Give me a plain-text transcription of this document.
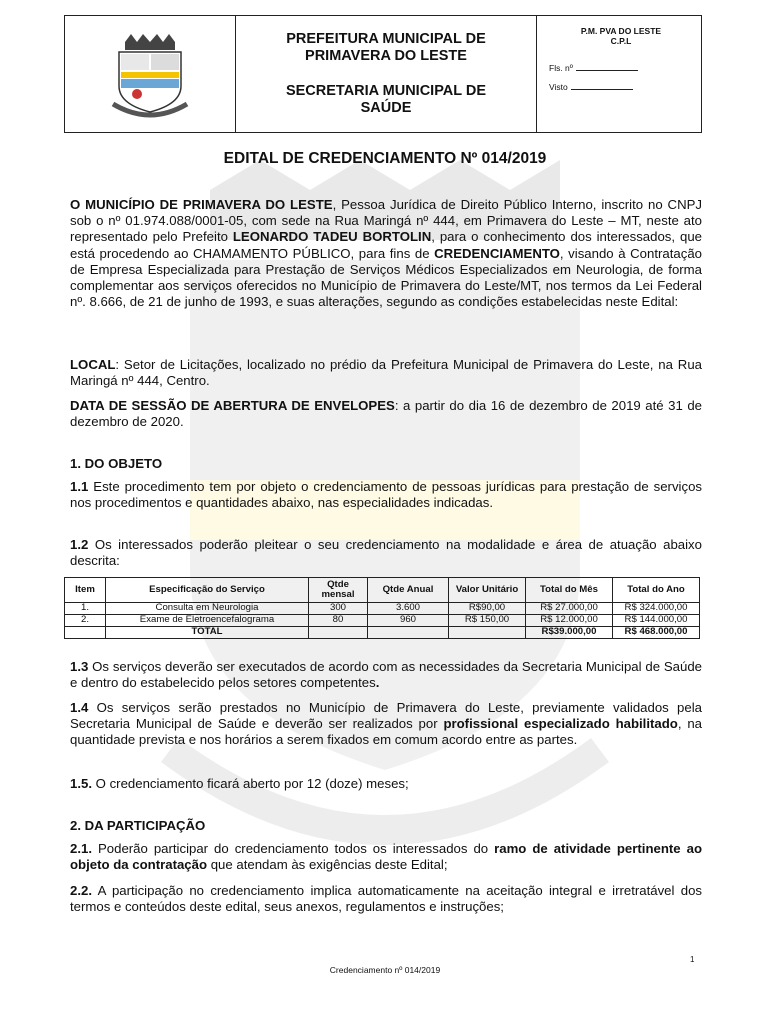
PREFEITURA MUNICIPAL DE
PRIMAVERA DO LESTE
SECRETARIA MUNICIPAL DE
SAÚDE
P.M. PVA DO LESTE
C.P.L
Fls. nº
Visto
EDITAL DE CREDENCIAMENTO Nº 014/2019

O MUNICÍPIO DE PRIMAVERA DO LESTE, Pessoa Jurídica de Direito Público Interno, inscrito no CNPJ sob o nº 01.974.088/0001-05, com sede na Rua Maringá nº 444, em Primavera do Leste – MT, neste ato representado pelo Prefeito LEONARDO TADEU BORTOLIN, para o conhecimento dos interessados, que está procedendo ao CHAMAMENTO PÚBLICO, para fins de CREDENCIAMENTO, visando à Contratação de Empresa Especializada para Prestação de Serviços Médicos Especializados em Neurologia, de forma complementar aos serviços oferecidos no Município de Primavera do Leste/MT, nos termos da Lei Federal nº. 8.666, de 21 de junho de 1993, e suas alterações, segundo as condições estabelecidas neste Edital:

LOCAL: Setor de Licitações, localizado no prédio da Prefeitura Municipal de Primavera do Leste, na Rua Maringá nº 444, Centro.

DATA DE SESSÃO DE ABERTURA DE ENVELOPES: a partir do dia 16 de dezembro de 2019 até 31 de dezembro de 2020.

1. DO OBJETO

1.1 Este procedimento tem por objeto o credenciamento de pessoas jurídicas para prestação de serviços nos procedimentos e quantidades abaixo, nas especialidades indicadas.

1.2 Os interessados poderão pleitear o seu credenciamento na modalidade e área de atuação abaixo descrita:

Item	Especificação do Serviço	Qtde mensal	Qtde Anual	Valor Unitário	Total do Mês	Total do Ano
1.	Consulta em Neurologia	300	3.600	R$90,00	R$ 27.000,00	R$ 324.000,00
2.	Exame de Eletroencefalograma	80	960	R$ 150,00	R$ 12.000,00	R$ 144.000,00
	TOTAL				R$39.000,00	R$ 468.000,00

1.3 Os serviços deverão ser executados de acordo com as necessidades da Secretaria Municipal de Saúde e dentro do estabelecido pelos setores competentes.

1.4 Os serviços serão prestados no Município de Primavera do Leste, previamente validados pela Secretaria Municipal de Saúde e deverão ser realizados por profissional especializado habilitado, na quantidade prevista e nos horários a serem fixados em comum acordo entre as partes.

1.5. O credenciamento ficará aberto por 12 (doze) meses;

2. DA PARTICIPAÇÃO

2.1. Poderão participar do credenciamento todos os interessados do ramo de atividade pertinente ao objeto da contratação que atendam às exigências deste Edital;

2.2. A participação no credenciamento implica automaticamente na aceitação integral e irretratável dos termos e conteúdos deste edital, seus anexos, regulamentos e instruções;

1
Credenciamento nº 014/2019
